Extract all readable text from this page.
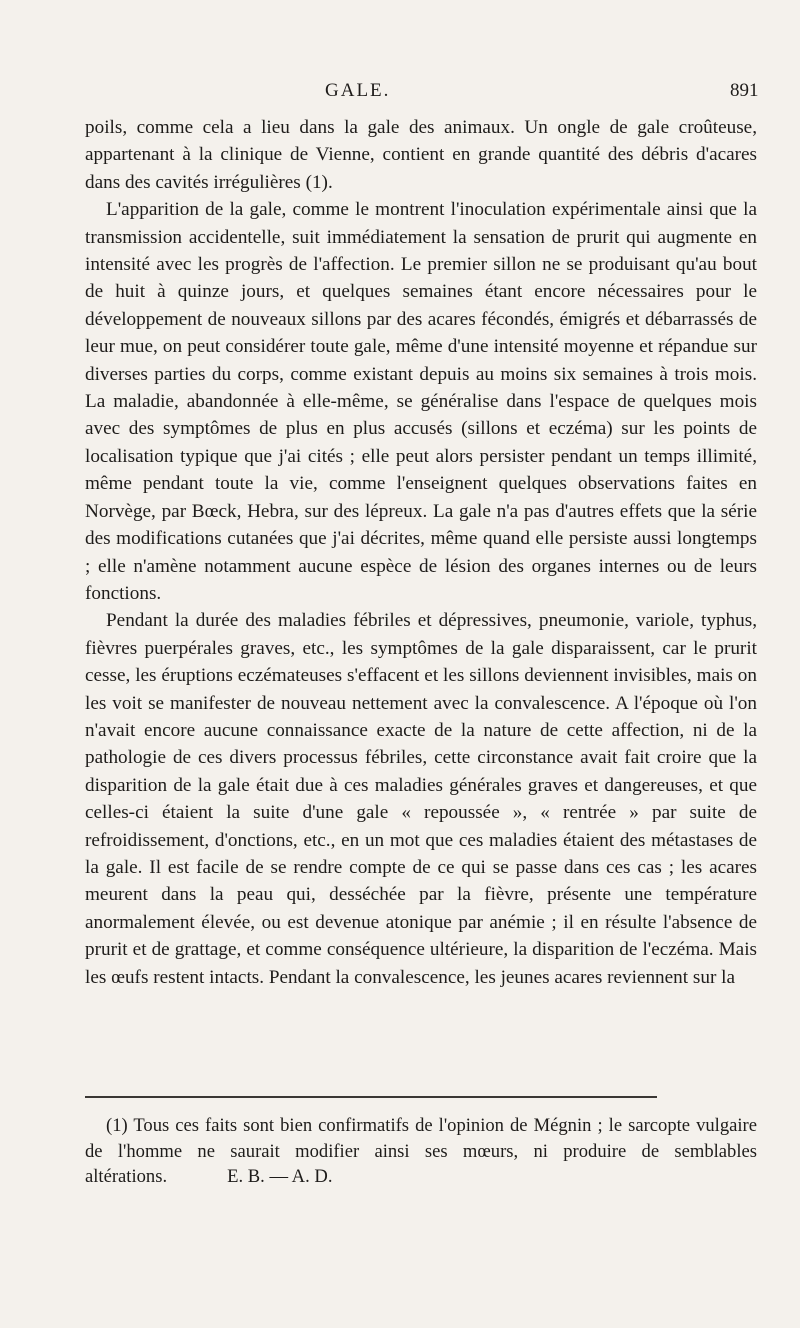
GALE.	891

poils, comme cela a lieu dans la gale des animaux. Un ongle de gale croûteuse, appartenant à la clinique de Vienne, contient en grande quantité des débris d'acares dans des cavités irrégulières (1).

L'apparition de la gale, comme le montrent l'inoculation expérimentale ainsi que la transmission accidentelle, suit immédiatement la sensation de prurit qui augmente en intensité avec les progrès de l'affection. Le premier sillon ne se produisant qu'au bout de huit à quinze jours, et quelques semaines étant encore nécessaires pour le développement de nouveaux sillons par des acares fécondés, émigrés et débarrassés de leur mue, on peut considérer toute gale, même d'une intensité moyenne et répandue sur diverses parties du corps, comme existant depuis au moins six semaines à trois mois. La maladie, abandonnée à elle-même, se généralise dans l'espace de quelques mois avec des symptômes de plus en plus accusés (sillons et eczéma) sur les points de localisation typique que j'ai cités ; elle peut alors persister pendant un temps illimité, même pendant toute la vie, comme l'enseignent quelques observations faites en Norvège, par Bœck, Hebra, sur des lépreux. La gale n'a pas d'autres effets que la série des modifications cutanées que j'ai décrites, même quand elle persiste aussi longtemps ; elle n'amène notamment aucune espèce de lésion des organes internes ou de leurs fonctions.

Pendant la durée des maladies fébriles et dépressives, pneumonie, variole, typhus, fièvres puerpérales graves, etc., les symptômes de la gale disparaissent, car le prurit cesse, les éruptions eczémateuses s'effacent et les sillons deviennent invisibles, mais on les voit se manifester de nouveau nettement avec la convalescence. A l'époque où l'on n'avait encore aucune connaissance exacte de la nature de cette affection, ni de la pathologie de ces divers processus fébriles, cette circonstance avait fait croire que la disparition de la gale était due à ces maladies générales graves et dangereuses, et que celles-ci étaient la suite d'une gale « repoussée », « rentrée » par suite de refroidissement, d'onctions, etc., en un mot que ces maladies étaient des métastases de la gale. Il est facile de se rendre compte de ce qui se passe dans ces cas ; les acares meurent dans la peau qui, desséchée par la fièvre, présente une température anormalement élevée, ou est devenue atonique par anémie ; il en résulte l'absence de prurit et de grattage, et comme conséquence ultérieure, la disparition de l'eczéma. Mais les œufs restent intacts. Pendant la convalescence, les jeunes acares reviennent sur la

(1) Tous ces faits sont bien confirmatifs de l'opinion de Mégnin ; le sarcopte vulgaire de l'homme ne saurait modifier ainsi ses mœurs, ni produire de semblables altérations.	E. B. — A. D.
